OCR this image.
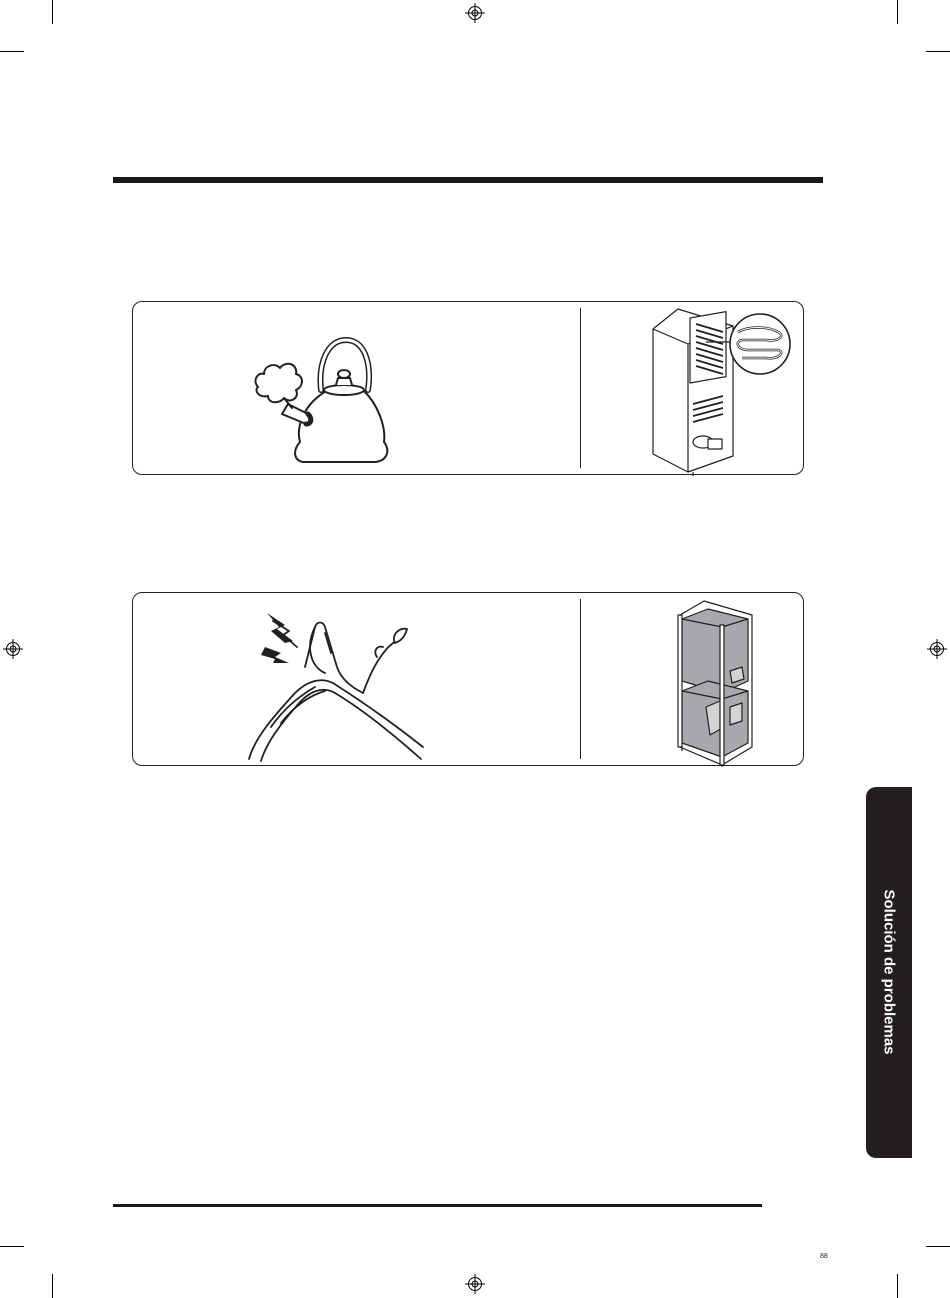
Solución de problemas
88
